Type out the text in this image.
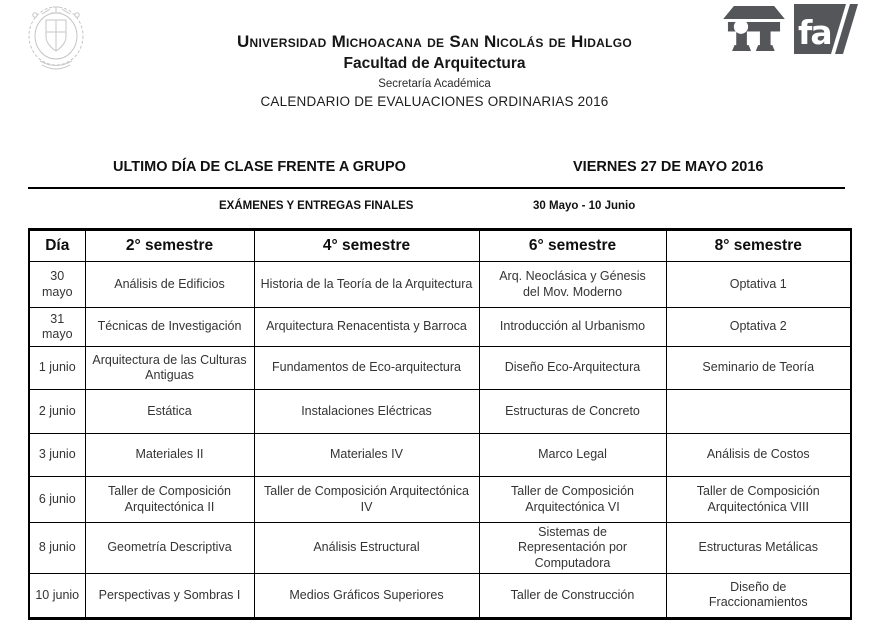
fa
Universidad Michoacana de San Nicolás de Hidalgo
Facultad de Arquitectura
Secretaría Académica
CALENDARIO DE EVALUACIONES ORDINARIAS 2016
ULTIMO DÍA DE CLASE FRENTE A GRUPO	VIERNES 27 DE MAYO 2016
EXÁMENES Y ENTREGAS FINALES	30 Mayo - 10 Junio
Día	2° semestre	4° semestre	6° semestre	8° semestre
30 mayo	Análisis de Edificios	Historia de la Teoría de la Arquitectura	Arq. Neoclásica y Génesis del Mov. Moderno	Optativa 1
31 mayo	Técnicas de Investigación	Arquitectura Renacentista y Barroca	Introducción al Urbanismo	Optativa 2
1 junio	Arquitectura de las Culturas Antiguas	Fundamentos de Eco-arquitectura	Diseño Eco-Arquitectura	Seminario de Teoría
2 junio	Estática	Instalaciones Eléctricas	Estructuras de Concreto	
3 junio	Materiales II	Materiales IV	Marco Legal	Análisis de Costos
6 junio	Taller de Composición Arquitectónica II	Taller de Composición Arquitectónica IV	Taller de Composición Arquitectónica VI	Taller de Composición Arquitectónica VIII
8 junio	Geometría Descriptiva	Análisis Estructural	Sistemas de Representación por Computadora	Estructuras Metálicas
10 junio	Perspectivas y Sombras I	Medios Gráficos Superiores	Taller de Construcción	Diseño de Fraccionamientos
